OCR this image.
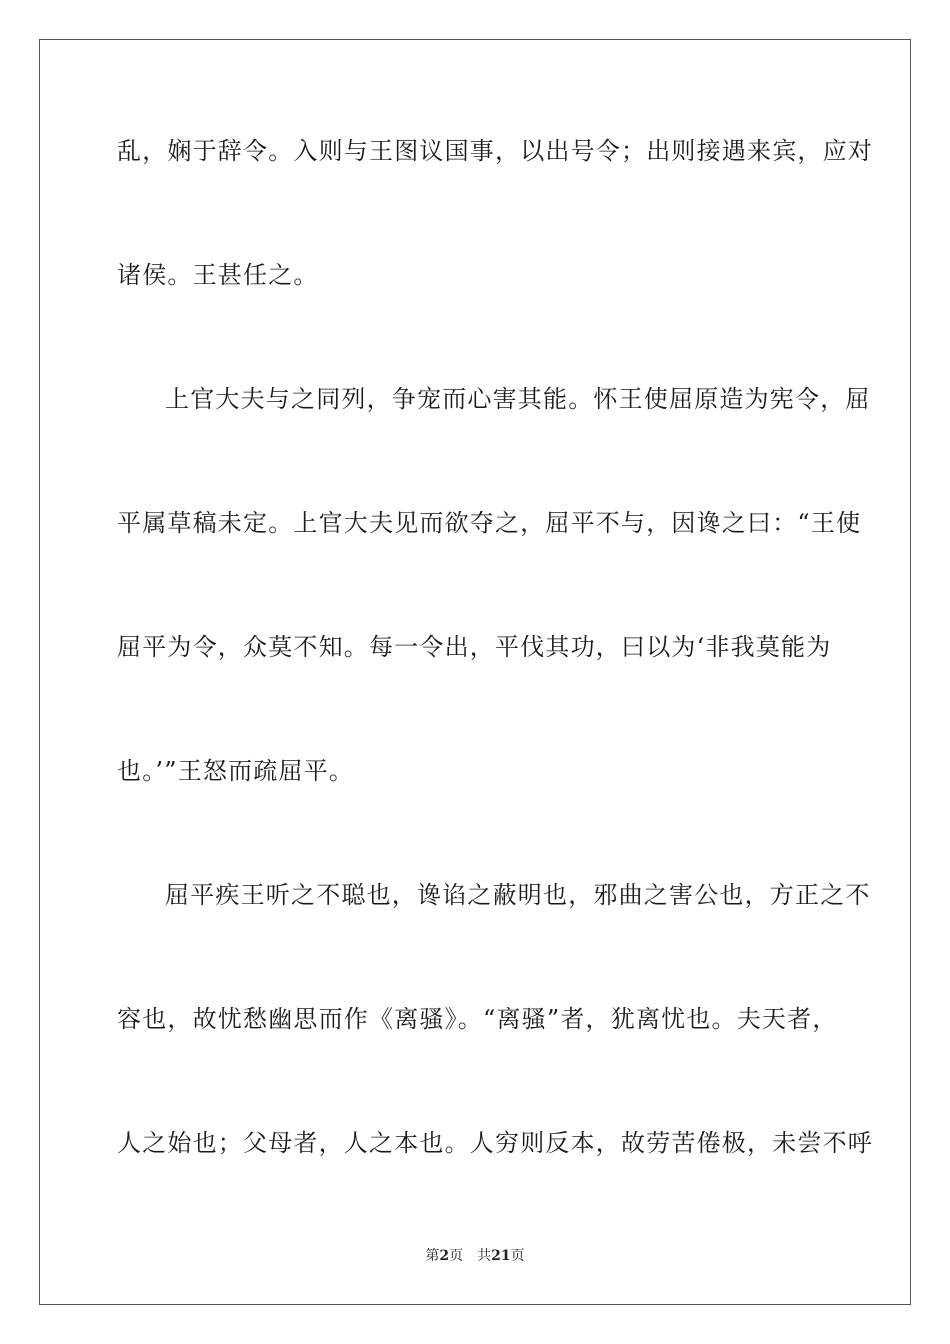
乱，娴于辞令。入则与王图议国事，以出号令；出则接遇来宾，应对
诸侯。王甚任之。
上官大夫与之同列，争宠而心害其能。怀王使屈原造为宪令，屈
平属草稿未定。上官大夫见而欲夺之，屈平不与，因谗之曰：“王使
屈平为令，众莫不知。每一令出，平伐其功，曰以为‘非我莫能为
也。’”王怒而疏屈平。
屈平疾王听之不聪也，谗谄之蔽明也，邪曲之害公也，方正之不
容也，故忧愁幽思而作《离骚》。“离骚”者，犹离忧也。夫天者，
人之始也；父母者，人之本也。人穷则反本，故劳苦倦极，未尝不呼
第2页 共21页
